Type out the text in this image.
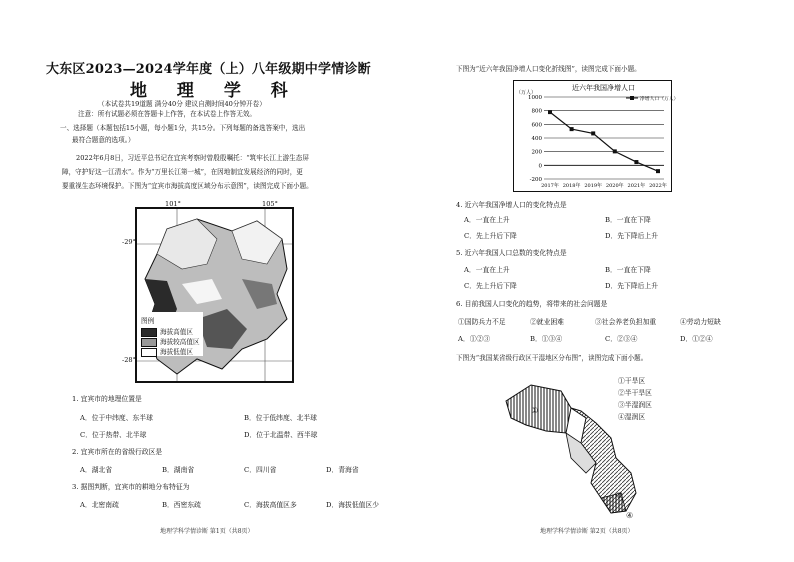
大东区2023—2024学年度（上）八年级期中学情诊断
地 理 学 科
（本试卷共19道题 满分40分 建议自测时间40分钟开卷）
注意：所有试题必须在答题卡上作答，在本试卷上作答无效。
一、选择题（本题包括15小题，每小题1分，共15分。下列每题的备选答案中，选出
最符合题意的选项。）
2022年6月8日，习近平总书记在宜宾考察时曾殷殷嘱托：“筑牢长江上游生态屏
障，守护好这一江清水”。作为“万里长江第一城”，在因地制宜发展经济的同时，更
要重视生态环境保护。下图为“宜宾市海拔高度区域分布示意图”，读图完成下面小题。
图例
海拔高值区
海拔较高值区
海拔低值区
101°	105°
-29°
-28°
1. 宜宾市的地理位置是
A．位于中纬度、东半球	B．位于低纬度、北半球
C．位于热带、北半球	D．位于北温带、西半球
2. 宜宾市所在的省级行政区是
A．湖北省	B．湖南省	C．四川省	D．青海省
3. 据图判断，宜宾市的耕地分布特征为
A．北密南疏	B．西密东疏	C．海拔高值区多	D．海拔低值区少
地理学科学情诊断 第1页（共8页）
下图为“近六年我国净增人口变化折线图”，读图完成下面小题。
近六年我国净增人口
（万人）
1000
800
600
400
200
0
-200
净增人口（万人）
2017年 2018年 2019年 2020年 2021年 2022年
4. 近六年我国净增人口的变化特点是
A．一直在上升	B．一直在下降
C．先上升后下降	D．先下降后上升
5. 近六年我国人口总数的变化特点是
A．一直在上升	B．一直在下降
C．先上升后下降	D．先下降后上升
6. 目前我国人口变化的趋势，将带来的社会问题是
①国防兵力不足	②就业困难	③社会养老负担加重	④劳动力短缺
A．①②③	B．①③④	C．②③④	D．①②④
下图为“我国某省级行政区干湿地区分布图”，读图完成下面小题。
①
③
④
①干旱区
②半干旱区
③半湿润区
④湿润区
地理学科学情诊断 第2页（共8页）
